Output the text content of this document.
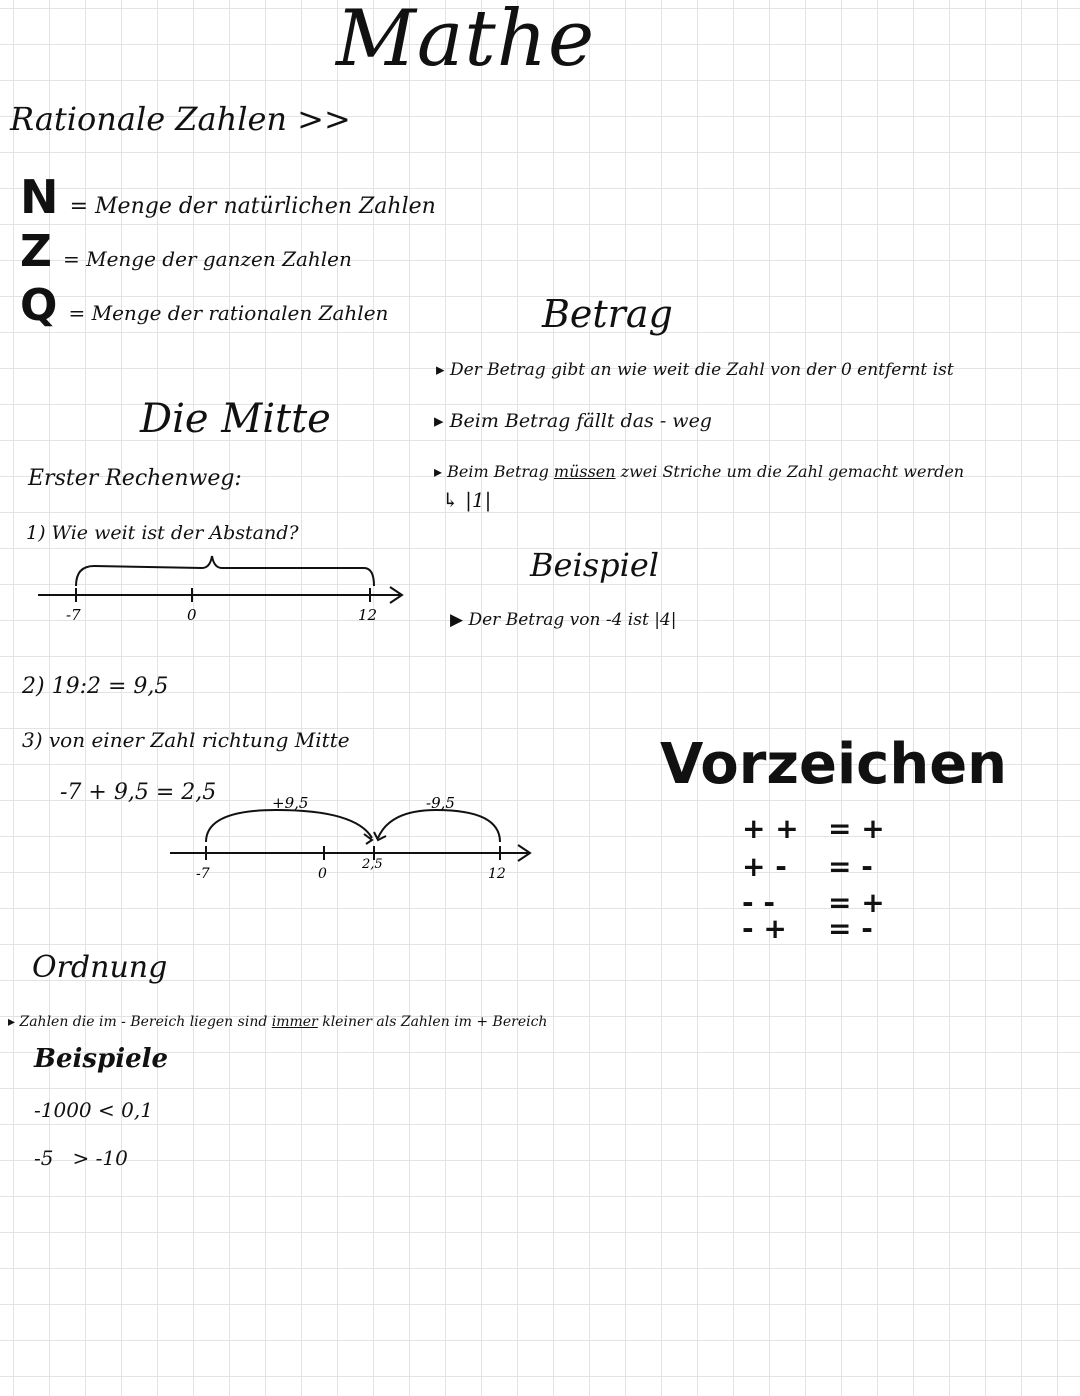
Mathe
Rationale Zahlen >>
N = Menge der natürlichen Zahlen
Z = Menge der ganzen Zahlen
Q = Menge der rationalen Zahlen
Die Mitte
Erster Rechenweg:
1) Wie weit ist der Abstand?
-7	0	12
2) 19:2 = 9,5
3) von einer Zahl richtung Mitte
-7 + 9,5 = 2,5	+9,5	-9,5
-7	0
2,5
12
Betrag
▸ Der Betrag gibt an wie weit die Zahl von der 0 entfernt ist
▸ Beim Betrag fällt das - weg
▸ Beim Betrag müssen zwei Striche um die Zahl gemacht werden
↳ |1|
Beispiel
▶ Der Betrag von -4 ist |4|
Vorzeichen
+ + = +
+ - = -
- - = +
- + = -
Ordnung
▸ Zahlen die im - Bereich liegen sind immer kleiner als Zahlen im + Bereich
Beispiele
-1000 < 0,1
-5   > -10
